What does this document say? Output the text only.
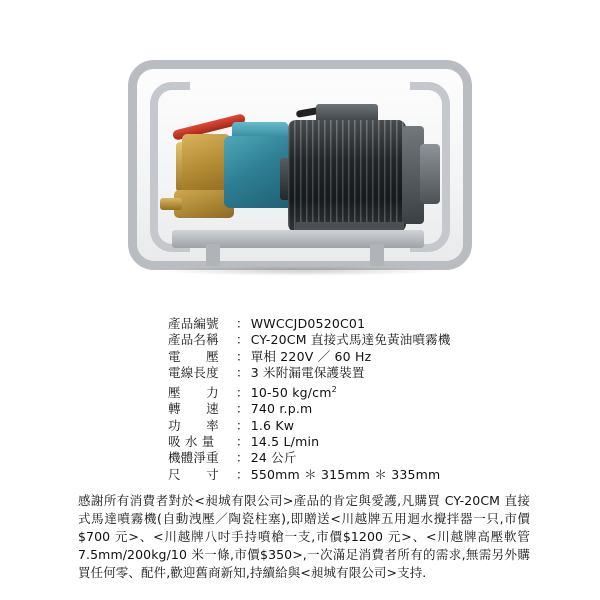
產品編號	： WWCCJD0520C01
產品名稱	： CY-20CM 直接式馬達免黃油噴霧機
電　　壓	： 單相 220V ／ 60 Hz
電線長度	： 3 米附漏電保護裝置
壓　　力	： 10-50 $kg/cm^2$
轉　　速	： 740 r.p.m
功　　率	： 1.6 Kw
吸 水 量	： 14.5 L/min
機體淨重	： 24 公斤
尺　　寸	： 550mm ＊ 315mm ＊ 335mm
感謝所有消費者對於<昶城有限公司>產品的肯定與愛護,凡購買 CY-20CM 直接式馬達噴霧機(自動洩壓／陶瓷柱塞),即贈送<川越牌五用迴水攪拌器一只,市價$700 元>、<川越牌八吋手持噴槍一支,市價$1200 元>、<川越牌高壓軟管 7.5mm/200kg/10 米一條,市價$350>,一次滿足消費者所有的需求,無需另外購買任何零、配件,歡迎舊商新知,持續給與<昶城有限公司>支持.
